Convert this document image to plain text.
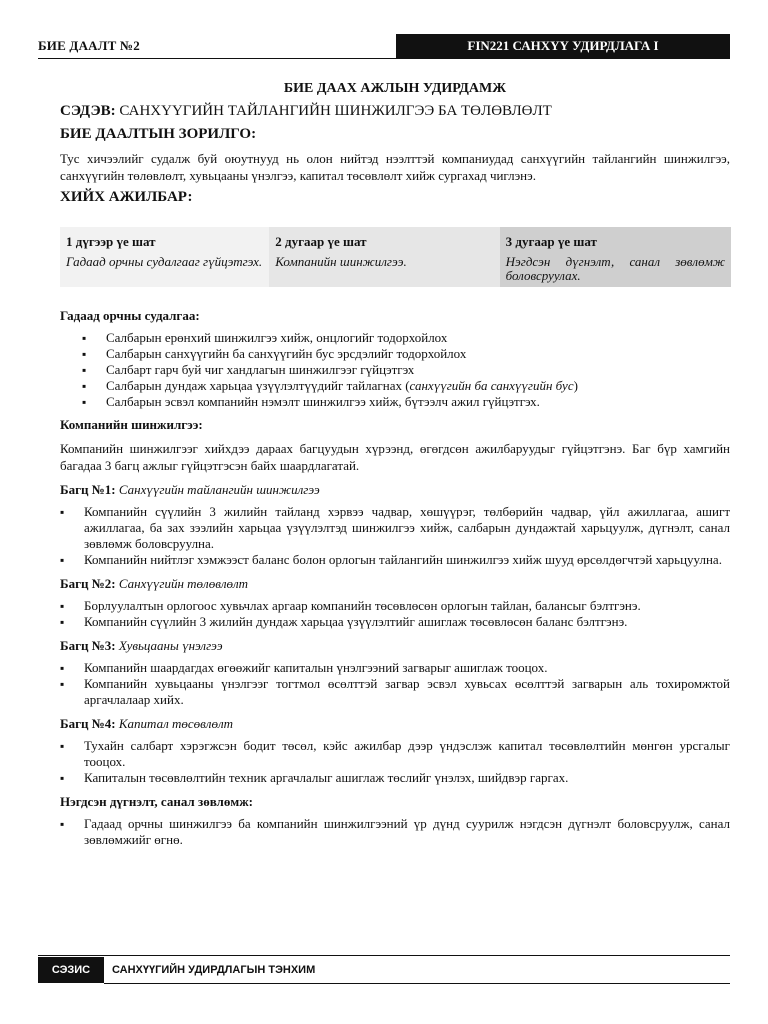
БИЕ ДААЛТ №2	FIN221 САНХҮҮ УДИРДЛАГА I

БИЕ ДААХ АЖЛЫН УДИРДАМЖ

СЭДЭВ: САНХҮҮГИЙН ТАЙЛАНГИЙН ШИНЖИЛГЭЭ БА ТӨЛӨВЛӨЛТ

БИЕ ДААЛТЫН ЗОРИЛГО:

Тус хичээлийг судалж буй оюутнууд нь олон нийтэд нээлттэй компаниудад санхүүгийн тайлангийн шинжилгээ, санхүүгийн төлөвлөлт, хувьцааны үнэлгээ, капитал төсөвлөлт хийж сургахад чиглэнэ.

ХИЙХ АЖИЛБАР:

1 дүгээр үе шат	2 дугаар үе шат	3 дугаар үе шат
Гадаад орчны судалгааг гүйцэтгэх.	Компанийн шинжилгээ.	Нэгдсэн дүгнэлт, санал зөвлөмж боловсруулах.

Гадаад орчны судалгаа:

▪ Салбарын ерөнхий шинжилгээ хийж, онцлогийг тодорхойлох
▪ Салбарын санхүүгийн ба санхүүгийн бус эрсдэлийг тодорхойлох
▪ Салбарт гарч буй чиг хандлагын шинжилгээг гүйцэтгэх
▪ Салбарын дундаж харьцаа үзүүлэлтүүдийг тайлагнах (санхүүгийн ба санхүүгийн бус)
▪ Салбарын эсвэл компанийн нэмэлт шинжилгээ хийж, бүтээлч ажил гүйцэтгэх.

Компанийн шинжилгээ:

Компанийн шинжилгээг хийхдээ дараах багцуудын хүрээнд, өгөгдсөн ажилбаруудыг гүйцэтгэнэ. Баг бүр хамгийн багадаа 3 багц ажлыг гүйцэтгэсэн байх шаардлагатай.

Багц №1: Санхүүгийн тайлангийн шинжилгээ

▪ Компанийн сүүлийн 3 жилийн тайланд хэрвээ чадвар, хөшүүрэг, төлбөрийн чадвар, үйл ажиллагаа, ашигт ажиллагаа, ба зах зээлийн харьцаа үзүүлэлтэд шинжилгээ хийж, салбарын дундажтай харьцуулж, дүгнэлт, санал зөвлөмж боловсруулна.
▪ Компанийн нийтлэг хэмжээст баланс болон орлогын тайлангийн шинжилгээ хийж шууд өрсөлдөгчтэй харьцуулна.

Багц №2: Санхүүгийн төлөвлөлт

▪ Борлуулалтын орлогоос хувьчлах аргаар компанийн төсөвлөсөн орлогын тайлан, балансыг бэлтгэнэ.
▪ Компанийн сүүлийн 3 жилийн дундаж харьцаа үзүүлэлтийг ашиглаж төсөвлөсөн баланс бэлтгэнэ.

Багц №3: Хувьцааны үнэлгээ

▪ Компанийн шаардагдах өгөөжийг капиталын үнэлгээний загварыг ашиглаж тооцох.
▪ Компанийн хувьцааны үнэлгээг тогтмол өсөлттэй загвар эсвэл хувьсах өсөлттэй загварын аль тохиромжтой аргачлалаар хийх.

Багц №4: Капитал төсөвлөлт

▪ Тухайн салбарт хэрэгжсэн бодит төсөл, кэйс ажилбар дээр үндэслэж капитал төсөвлөлтийн мөнгөн урсгалыг тооцох.
▪ Капиталын төсөвлөлтийн техник аргачлалыг ашиглаж төслийг үнэлэх, шийдвэр гаргах.

Нэгдсэн дүгнэлт, санал зөвлөмж:

▪ Гадаад орчны шинжилгээ ба компанийн шинжилгээний үр дүнд суурилж нэгдсэн дүгнэлт боловсруулж, санал зөвлөмжийг өгнө.
СЭЗИС	САНХҮҮГИЙН УДИРДЛАГЫН ТЭНХИМ
